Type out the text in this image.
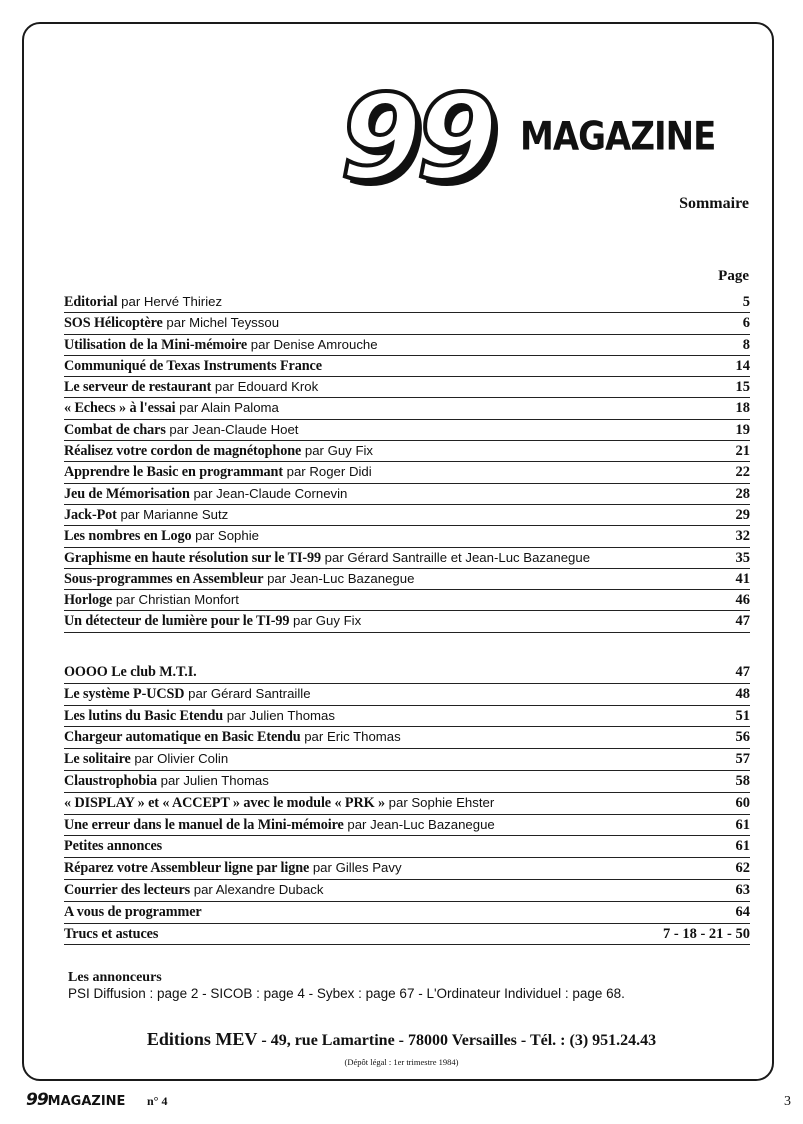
99 MAGAZINE
Sommaire
Page
Editorial par Hervé Thiriez	5
SOS Hélicoptère par Michel Teyssou	6
Utilisation de la Mini-mémoire par Denise Amrouche	8
Communiqué de Texas Instruments France	14
Le serveur de restaurant par Edouard Krok	15
« Echecs » à l'essai par Alain Paloma	18
Combat de chars par Jean-Claude Hoet	19
Réalisez votre cordon de magnétophone par Guy Fix	21
Apprendre le Basic en programmant par Roger Didi	22
Jeu de Mémorisation par Jean-Claude Cornevin	28
Jack-Pot par Marianne Sutz	29
Les nombres en Logo par Sophie	32
Graphisme en haute résolution sur le TI-99 par Gérard Santraille et Jean-Luc Bazanegue	35
Sous-programmes en Assembleur par Jean-Luc Bazanegue	41
Horloge par Christian Monfort	46
Un détecteur de lumière pour le TI-99 par Guy Fix	47
OOOO Le club M.T.I.	47
Le système P-UCSD par Gérard Santraille	48
Les lutins du Basic Etendu par Julien Thomas	51
Chargeur automatique en Basic Etendu par Eric Thomas	56
Le solitaire par Olivier Colin	57
Claustrophobia par Julien Thomas	58
« DISPLAY » et « ACCEPT » avec le module « PRK » par Sophie Ehster	60
Une erreur dans le manuel de la Mini-mémoire par Jean-Luc Bazanegue	61
Petites annonces	61
Réparez votre Assembleur ligne par ligne par Gilles Pavy	62
Courrier des lecteurs par Alexandre Duback	63
A vous de programmer	64
Trucs et astuces	7 - 18 - 21 - 50
Les annonceurs
PSI Diffusion : page 2 - SICOB : page 4 - Sybex : page 67 - L'Ordinateur Individuel : page 68.
Editions MEV - 49, rue Lamartine - 78000 Versailles - Tél. : (3) 951.24.43
(Dépôt légal : 1er trimestre 1984)
99MAGAZINE n° 4	3
